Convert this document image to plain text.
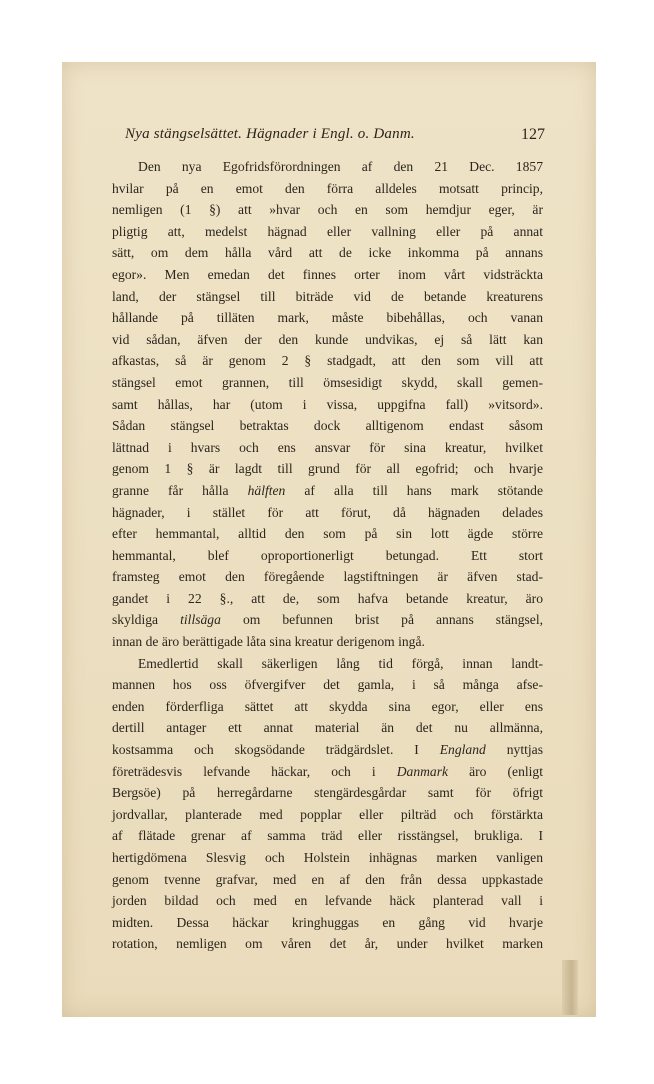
Nya stängselsättet. Hägnader i Engl. o. Danm.	127
Den nya Egofridsförordningen af den 21 Dec. 1857
hvilar på en emot den förra alldeles motsatt princip,
nemligen (1 §) att »hvar och en som hemdjur eger, är
pligtig att, medelst hägnad eller vallning eller på annat
sätt, om dem hålla vård att de icke inkomma på annans
egor». Men emedan det finnes orter inom vårt vidsträckta
land, der stängsel till biträde vid de betande kreaturens
hållande på tilläten mark, måste bibehållas, och vanan
vid sådan, äfven der den kunde undvikas, ej så lätt kan
afkastas, så är genom 2 § stadgadt, att den som vill att
stängsel emot grannen, till ömsesidigt skydd, skall gemen-
samt hållas, har (utom i vissa, uppgifna fall) »vitsord».
Sådan stängsel betraktas dock alltigenom endast såsom
lättnad i hvars och ens ansvar för sina kreatur, hvilket
genom 1 § är lagdt till grund för all egofrid; och hvarje
granne får hålla hälften af alla till hans mark stötande
hägnader, i stället för att förut, då hägnaden delades
efter hemmantal, alltid den som på sin lott ägde större
hemmantal, blef oproportionerligt betungad. Ett stort
framsteg emot den föregående lagstiftningen är äfven stad-
gandet i 22 §., att de, som hafva betande kreatur, äro
skyldiga tillsäga om befunnen brist på annans stängsel,
innan de äro berättigade låta sina kreatur derigenom ingå.
Emedlertid skall säkerligen lång tid förgå, innan landt-
mannen hos oss öfvergifver det gamla, i så många afse-
enden förderfliga sättet att skydda sina egor, eller ens
dertill antager ett annat material än det nu allmänna,
kostsamma och skogsödande trädgärdslet. I England nyttjas
företrädesvis lefvande häckar, och i Danmark äro (enligt
Bergsöe) på herregårdarne stengärdesgårdar samt för öfrigt
jordvallar, planterade med popplar eller pilträd och förstärkta
af flätade grenar af samma träd eller risstängsel, brukliga. I
hertigdömena Slesvig och Holstein inhägnas marken vanligen
genom tvenne grafvar, med en af den från dessa uppkastade
jorden bildad och med en lefvande häck planterad vall i
midten. Dessa häckar kringhuggas en gång vid hvarje
rotation, nemligen om våren det år, under hvilket marken
